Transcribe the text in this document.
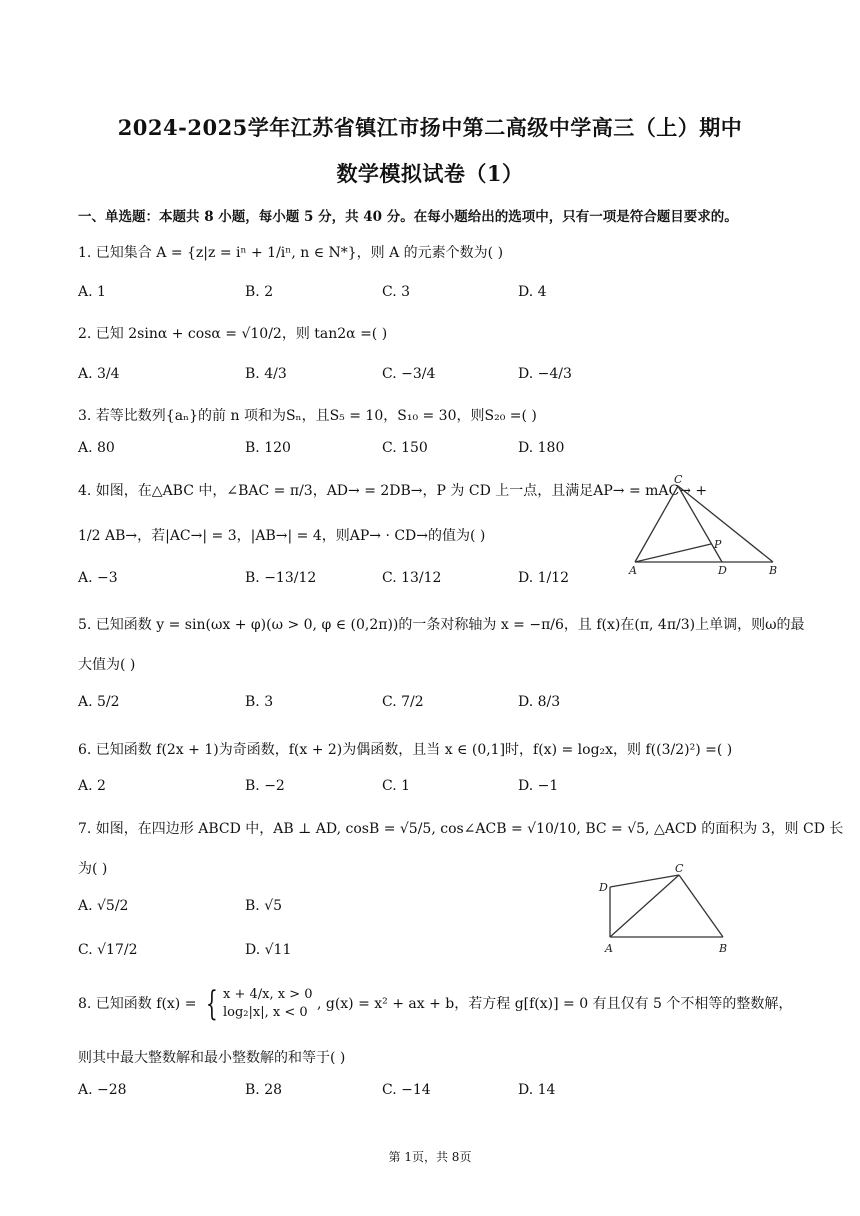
2024-2025学年江苏省镇江市扬中第二高级中学高三（上）期中
数学模拟试卷（1）
一、单选题：本题共 8 小题，每小题 5 分，共 40 分。在每小题给出的选项中，只有一项是符合题目要求的。
1. 已知集合 A = {z|z = iⁿ + 1/iⁿ, n ∈ N*}，则 A 的元素个数为( )
A. 1	B. 2	C. 3	D. 4
2. 已知 2sinα + cosα = √10/2，则 tan2α =( )
A. 3/4	B. 4/3	C. −3/4	D. −4/3
3. 若等比数列{aₙ}的前 n 项和为Sₙ，且S₅ = 10，S₁₀ = 30，则S₂₀ =( )
A. 80	B. 120	C. 150	D. 180
4. 如图，在△ABC 中，∠BAC = π/3，AD→ = 2DB→，P 为 CD 上一点，且满足AP→ = mAC→ +
1/2 AB→，若|AC→| = 3，|AB→| = 4，则AP→ · CD→的值为( )
A. −3	B. −13/12	C. 13/12	D. 1/12
C
A	D	B
P
5. 已知函数 y = sin(ωx + φ)(ω > 0, φ ∈ (0,2π))的一条对称轴为 x = −π/6，且 f(x)在(π, 4π/3)上单调，则ω的最
大值为( )
A. 5/2	B. 3	C. 7/2	D. 8/3
6. 已知函数 f(2x + 1)为奇函数，f(x + 2)为偶函数，且当 x ∈ (0,1]时，f(x) = log₂x，则 f((3/2)²) =( )
A. 2	B. −2	C. 1	D. −1
7. 如图，在四边形 ABCD 中，AB ⊥ AD, cosB = √5/5, cos∠ACB = √10/10, BC = √5, △ACD 的面积为 3，则 CD 长
为( )
A. √5/2	B. √5
C. √17/2	D. √11
C
D
A	B
8. 已知函数 f(x) = { x + 4/x, x > 0
log₂|x|, x < 0
, g(x) = x² + ax + b，若方程 g[f(x)] = 0 有且仅有 5 个不相等的整数解，
则其中最大整数解和最小整数解的和等于( )
A. −28	B. 28	C. −14	D. 14
第 1页，共 8页
